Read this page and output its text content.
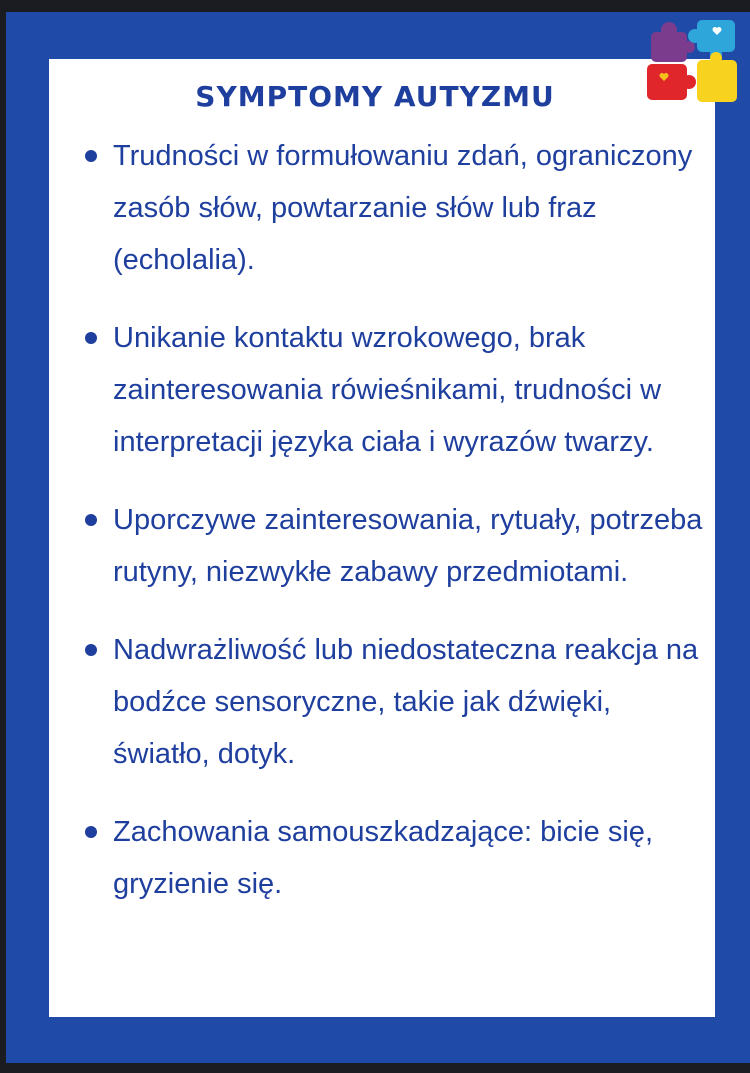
SYMPTOMY AUTYZMU
Trudności w formułowaniu zdań, ograniczony zasób słów, powtarzanie słów lub fraz (echolalia).
Unikanie kontaktu wzrokowego, brak zainteresowania rówieśnikami, trudności w interpretacji języka ciała i wyrazów twarzy.
Uporczywe zainteresowania, rytuały, potrzeba rutyny, niezwykłe zabawy przedmiotami.
Nadwrażliwość lub niedostateczna reakcja na bodźce sensoryczne, takie jak dźwięki, światło, dotyk.
Zachowania samouszkadzające: bicie się, gryzienie się.
